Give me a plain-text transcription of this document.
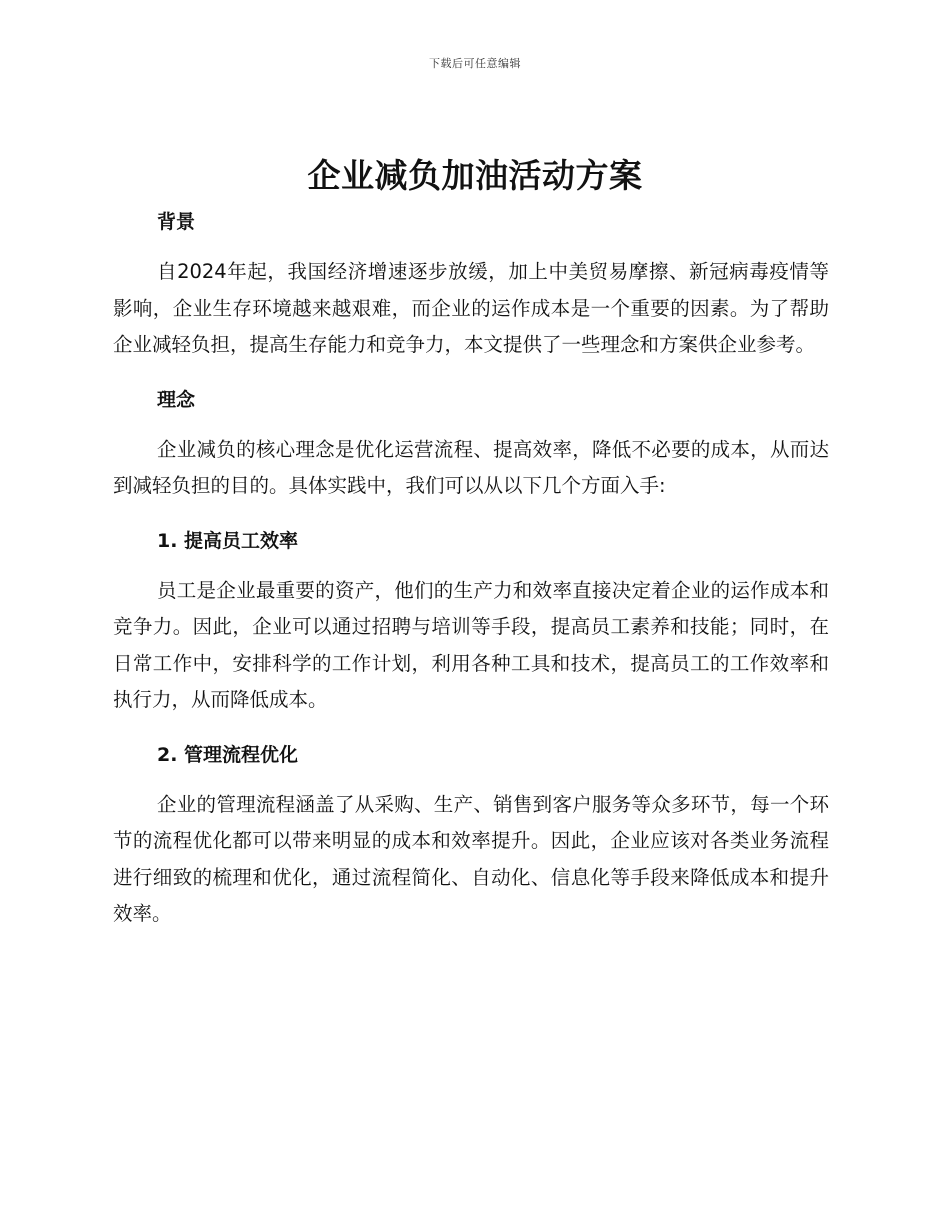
下载后可任意编辑
企业减负加油活动方案
背景

自2024年起，我国经济增速逐步放缓，加上中美贸易摩擦、新冠病毒疫情等影响，企业生存环境越来越艰难，而企业的运作成本是一个重要的因素。为了帮助企业减轻负担，提高生存能力和竞争力，本文提供了一些理念和方案供企业参考。

理念

企业减负的核心理念是优化运营流程、提高效率，降低不必要的成本，从而达到减轻负担的目的。具体实践中，我们可以从以下几个方面入手:

1. 提高员工效率

员工是企业最重要的资产，他们的生产力和效率直接决定着企业的运作成本和竞争力。因此，企业可以通过招聘与培训等手段，提高员工素养和技能；同时，在日常工作中，安排科学的工作计划，利用各种工具和技术，提高员工的工作效率和执行力，从而降低成本。

2. 管理流程优化

企业的管理流程涵盖了从采购、生产、销售到客户服务等众多环节，每一个环节的流程优化都可以带来明显的成本和效率提升。因此，企业应该对各类业务流程进行细致的梳理和优化，通过流程简化、自动化、信息化等手段来降低成本和提升效率。
